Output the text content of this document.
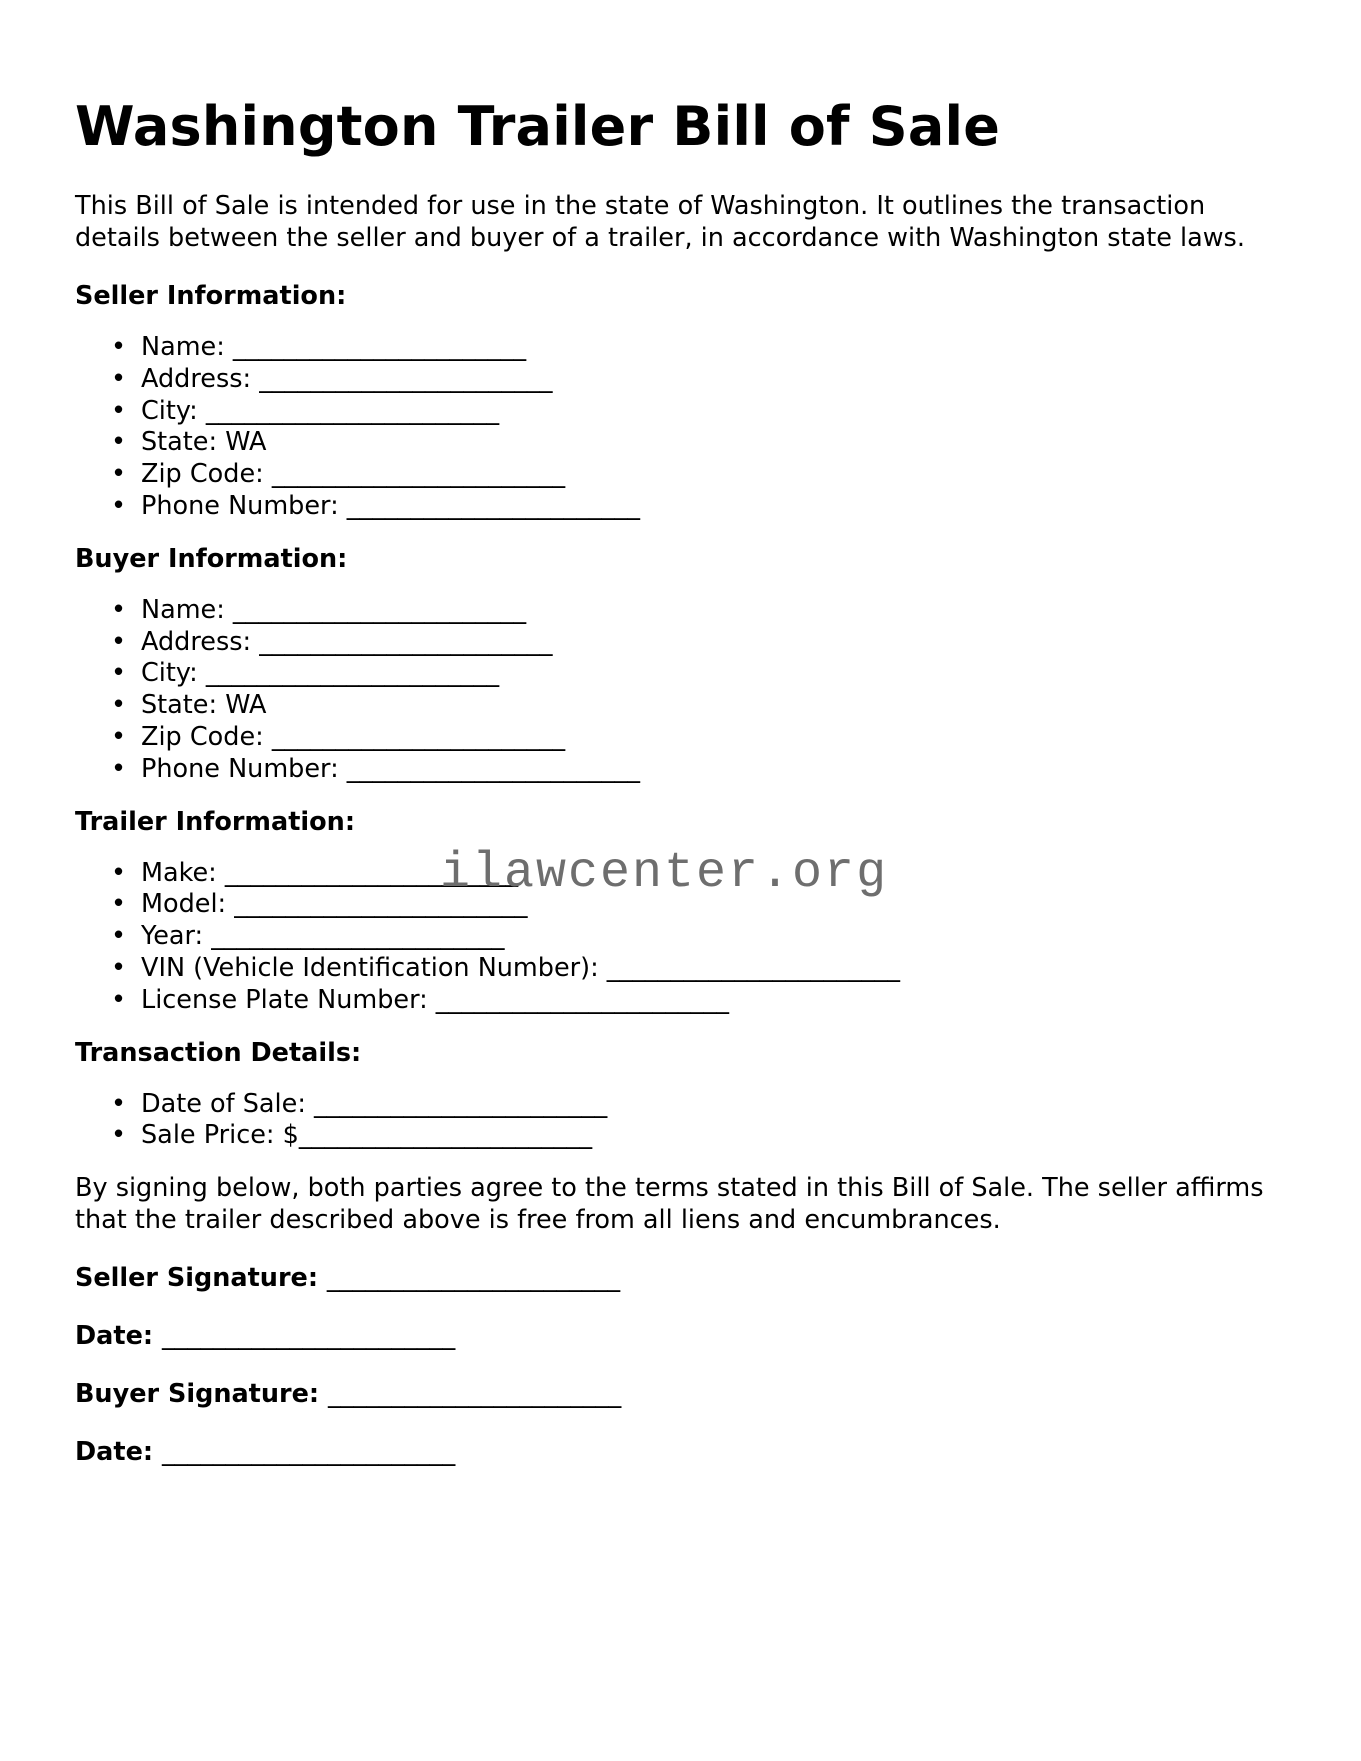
Washington Trailer Bill of Sale

This Bill of Sale is intended for use in the state of Washington. It outlines the transaction details between the seller and buyer of a trailer, in accordance with Washington state laws.

Seller Information:
• Name: _______________________
• Address: _______________________
• City: _______________________
• State: WA
• Zip Code: _______________________
• Phone Number: _______________________
Buyer Information:
• Name: _______________________
• Address: _______________________
• City: _______________________
• State: WA
• Zip Code: _______________________
• Phone Number: _______________________
Trailer Information:
• Make: _______________________
• Model: _______________________
• Year: _______________________
• VIN (Vehicle Identification Number): _______________________
• License Plate Number: _______________________
Transaction Details:
• Date of Sale: _______________________
• Sale Price: $_______________________

By signing below, both parties agree to the terms stated in this Bill of Sale. The seller affirms that the trailer described above is free from all liens and encumbrances.

Seller Signature: _______________________

Date: _______________________

Buyer Signature: _______________________

Date: _______________________

ilawcenter.org
